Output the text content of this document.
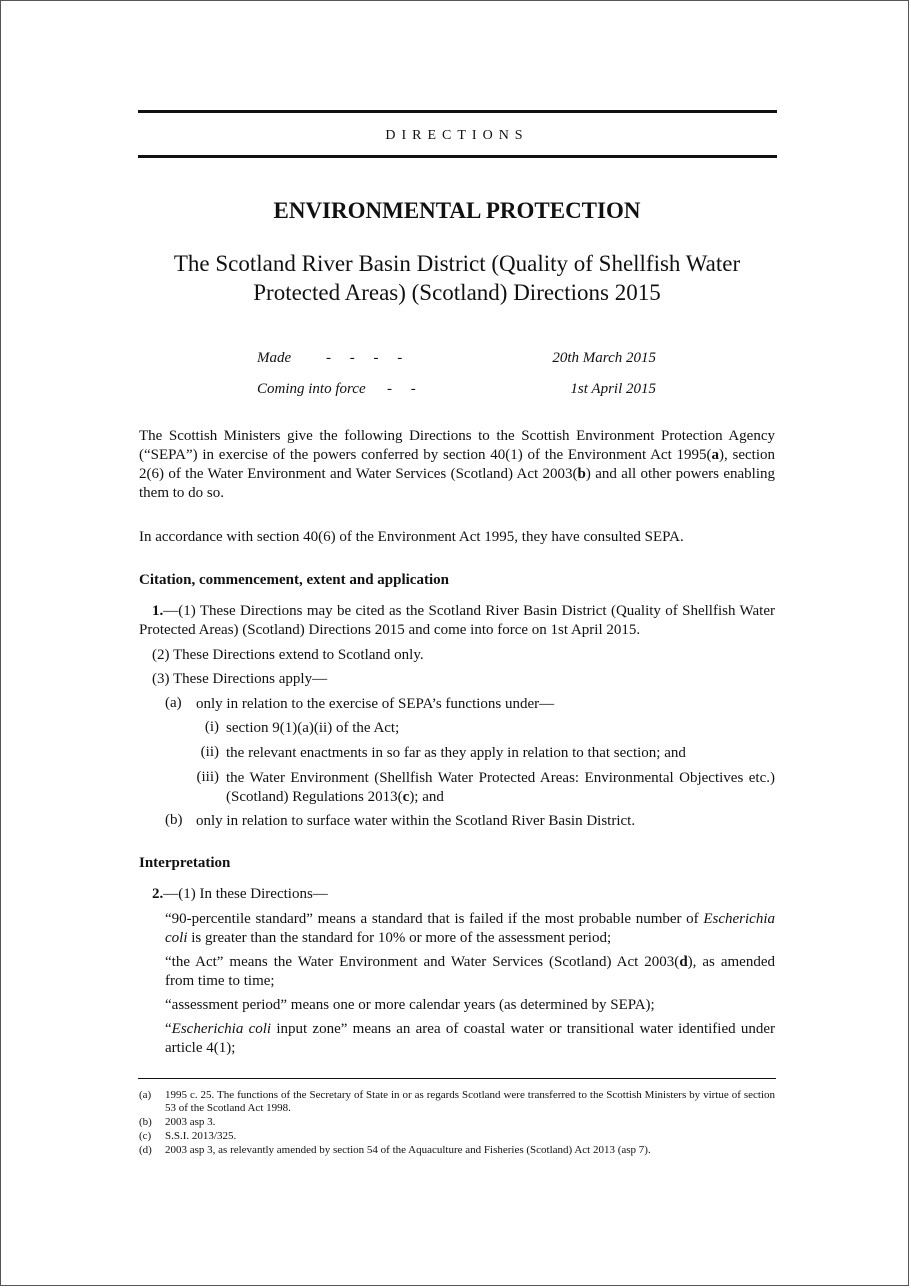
DIRECTIONS
ENVIRONMENTAL PROTECTION
The Scotland River Basin District (Quality of Shellfish Water
Protected Areas) (Scotland) Directions 2015
Made -     -     -     -	20th March 2015
Coming into force -     -	1st April 2015
The Scottish Ministers give the following Directions to the Scottish Environment Protection Agency (“SEPA”) in exercise of the powers conferred by section 40(1) of the Environment Act 1995(a), section 2(6) of the Water Environment and Water Services (Scotland) Act 2003(b) and all other powers enabling them to do so.
In accordance with section 40(6) of the Environment Act 1995, they have consulted SEPA.
Citation, commencement, extent and application
1.—(1) These Directions may be cited as the Scotland River Basin District (Quality of Shellfish Water Protected Areas) (Scotland) Directions 2015 and come into force on 1st April 2015.
(2) These Directions extend to Scotland only.
(3) These Directions apply—
(a) only in relation to the exercise of SEPA’s functions under—
(i) section 9(1)(a)(ii) of the Act;
(ii) the relevant enactments in so far as they apply in relation to that section; and
(iii) the Water Environment (Shellfish Water Protected Areas: Environmental Objectives etc.) (Scotland) Regulations 2013(c); and
(b) only in relation to surface water within the Scotland River Basin District.
Interpretation
2.—(1) In these Directions—
“90-percentile standard” means a standard that is failed if the most probable number of Escherichia coli is greater than the standard for 10% or more of the assessment period;
“the Act” means the Water Environment and Water Services (Scotland) Act 2003(d), as amended from time to time;
“assessment period” means one or more calendar years (as determined by SEPA);
“Escherichia coli input zone” means an area of coastal water or transitional water identified under article 4(1);
(a) 1995 c. 25. The functions of the Secretary of State in or as regards Scotland were transferred to the Scottish Ministers by virtue of section 53 of the Scotland Act 1998.
(b) 2003 asp 3.
(c) S.S.I. 2013/325.
(d) 2003 asp 3, as relevantly amended by section 54 of the Aquaculture and Fisheries (Scotland) Act 2013 (asp 7).
